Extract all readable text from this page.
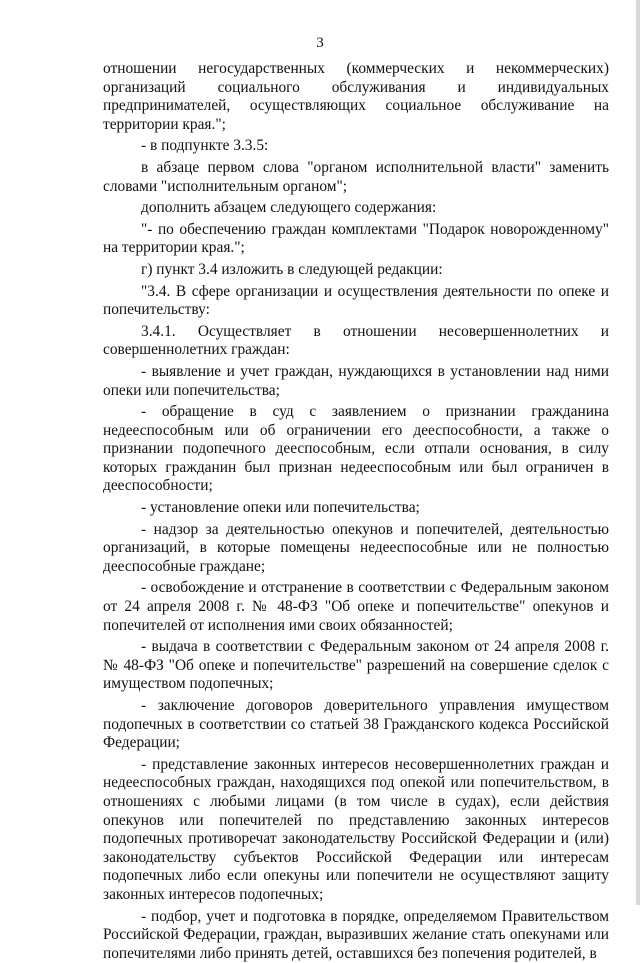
3

отношении негосударственных (коммерческих и некоммерческих) организаций социального обслуживания и индивидуальных предпринимателей, осуществляющих социальное обслуживание на территории края.";

- в подпункте 3.3.5:

в абзаце первом слова "органом исполнительной власти" заменить словами "исполнительным органом";

дополнить абзацем следующего содержания:

"- по обеспечению граждан комплектами "Подарок новорожденному" на территории края.";

г) пункт 3.4 изложить в следующей редакции:

"3.4. В сфере организации и осуществления деятельности по опеке и попечительству:

3.4.1. Осуществляет в отношении несовершеннолетних и совершеннолетних граждан:

- выявление и учет граждан, нуждающихся в установлении над ними опеки или попечительства;

- обращение в суд с заявлением о признании гражданина недееспособным или об ограничении его дееспособности, а также о признании подопечного дееспособным, если отпали основания, в силу которых гражданин был признан недееспособным или был ограничен в дееспособности;

- установление опеки или попечительства;

- надзор за деятельностью опекунов и попечителей, деятельностью организаций, в которые помещены недееспособные или не полностью дееспособные граждане;

- освобождение и отстранение в соответствии с Федеральным законом от 24 апреля 2008 г. № 48-ФЗ "Об опеке и попечительстве" опекунов и попечителей от исполнения ими своих обязанностей;

- выдача в соответствии с Федеральным законом от 24 апреля 2008 г. № 48-ФЗ "Об опеке и попечительстве" разрешений на совершение сделок с имуществом подопечных;

- заключение договоров доверительного управления имуществом подопечных в соответствии со статьей 38 Гражданского кодекса Российской Федерации;

- представление законных интересов несовершеннолетних граждан и недееспособных граждан, находящихся под опекой или попечительством, в отношениях с любыми лицами (в том числе в судах), если действия опекунов или попечителей по представлению законных интересов подопечных противоречат законодательству Российской Федерации и (или) законодательству субъектов Российской Федерации или интересам подопечных либо если опекуны или попечители не осуществляют защиту законных интересов подопечных;

- подбор, учет и подготовка в порядке, определяемом Правительством Российской Федерации, граждан, выразивших желание стать опекунами или попечителями либо принять детей, оставшихся без попечения родителей, в
